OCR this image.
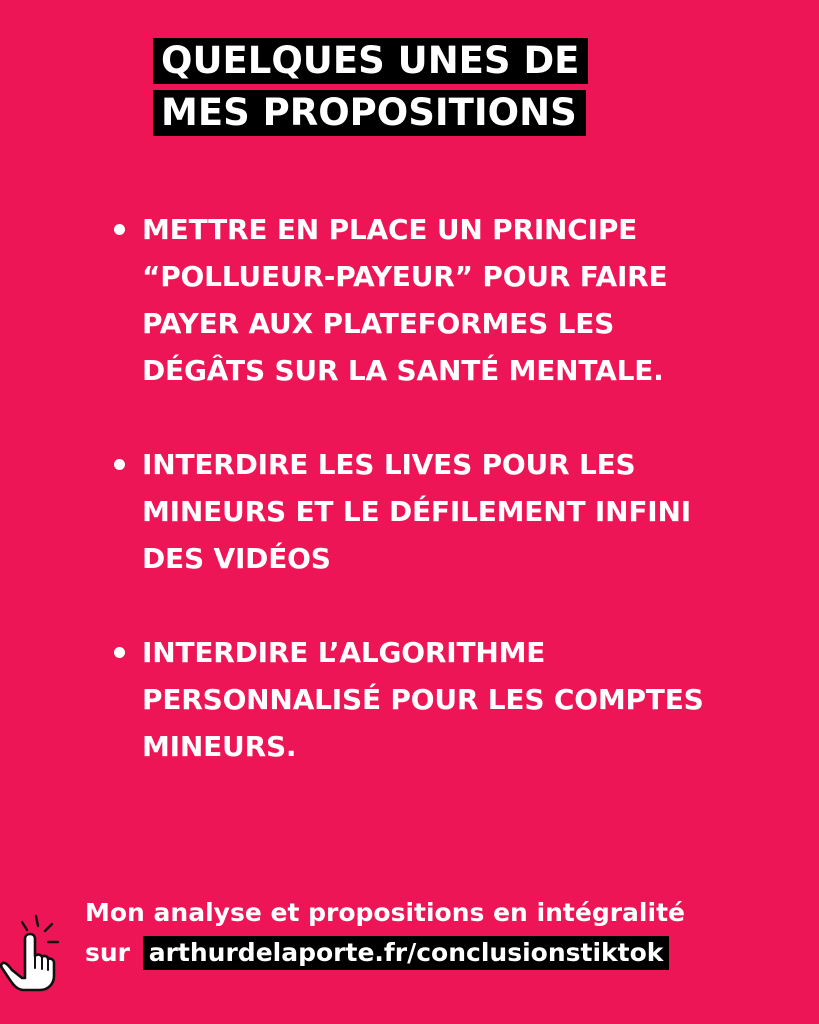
QUELQUES UNES DE
MES PROPOSITIONS
METTRE EN PLACE UN PRINCIPE
“POLLUEUR-PAYEUR” POUR FAIRE
PAYER AUX PLATEFORMES LES
DÉGÂTS SUR LA SANTÉ MENTALE.
INTERDIRE LES LIVES POUR LES
MINEURS ET LE DÉFILEMENT INFINI
DES VIDÉOS
INTERDIRE L’ALGORITHME
PERSONNALISÉ POUR LES COMPTES
MINEURS.
Mon analyse et propositions en intégralité
sur arthurdelaporte.fr/conclusionstiktok
